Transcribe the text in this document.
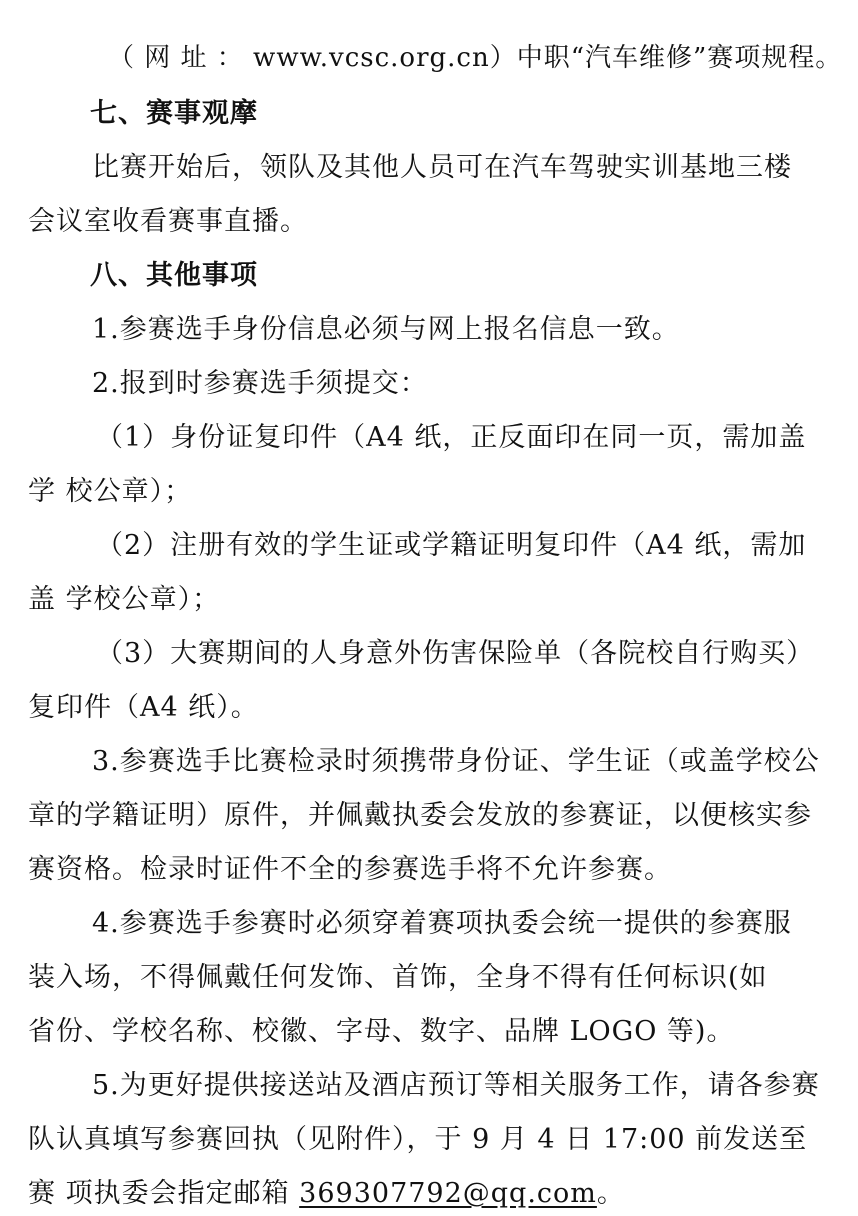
（ 网 址 ： www.vcsc.org.cn）中职“汽车维修”赛项规程。
七、赛事观摩
比赛开始后，领队及其他人员可在汽车驾驶实训基地三楼
会议室收看赛事直播。
八、其他事项
1.参赛选手身份信息必须与网上报名信息一致。
2.报到时参赛选手须提交：
（1）身份证复印件（A4 纸，正反面印在同一页，需加盖
学 校公章）；
（2）注册有效的学生证或学籍证明复印件（A4 纸，需加
盖 学校公章）；
（3）大赛期间的人身意外伤害保险单（各院校自行购买）
复印件（A4 纸）。
3.参赛选手比赛检录时须携带身份证、学生证（或盖学校公
章的学籍证明）原件，并佩戴执委会发放的参赛证，以便核实参
赛资格。检录时证件不全的参赛选手将不允许参赛。
4.参赛选手参赛时必须穿着赛项执委会统一提供的参赛服
装入场，不得佩戴任何发饰、首饰，全身不得有任何标识(如
省份、学校名称、校徽、字母、数字、品牌 LOGO 等)。
5.为更好提供接送站及酒店预订等相关服务工作，请各参赛
队认真填写参赛回执（见附件），于 9 月 4 日 17:00 前发送至
赛 项执委会指定邮箱 369307792@qq.com。
